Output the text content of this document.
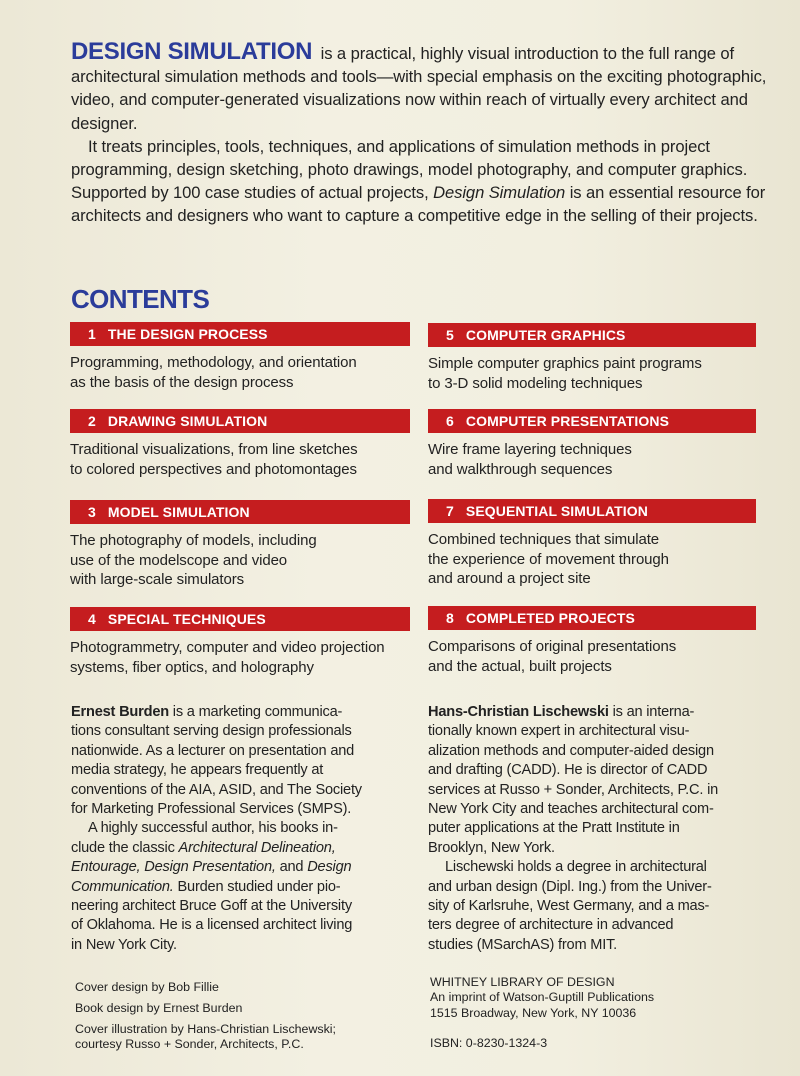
DESIGN SIMULATION is a practical, highly visual introduction to the full range of architectural simulation methods and tools—with special emphasis on the exciting photographic, video, and computer-generated visualizations now within reach of virtually every architect and designer.

It treats principles, tools, techniques, and applications of simulation methods in project programming, design sketching, photo drawings, model photography, and computer graphics. Supported by 100 case studies of actual projects, Design Simulation is an essential resource for architects and designers who want to capture a competitive edge in the selling of their projects.

CONTENTS
1 THE DESIGN PROCESS
Programming, methodology, and orientation
as the basis of the design process
2 DRAWING SIMULATION
Traditional visualizations, from line sketches
to colored perspectives and photomontages
3 MODEL SIMULATION
The photography of models, including
use of the modelscope and video
with large-scale simulators
4 SPECIAL TECHNIQUES
Photogrammetry, computer and video projection
systems, fiber optics, and holography
5 COMPUTER GRAPHICS
Simple computer graphics paint programs
to 3-D solid modeling techniques
6 COMPUTER PRESENTATIONS
Wire frame layering techniques
and walkthrough sequences
7 SEQUENTIAL SIMULATION
Combined techniques that simulate
the experience of movement through
and around a project site
8 COMPLETED PROJECTS
Comparisons of original presentations
and the actual, built projects

Ernest Burden is a marketing communica-
tions consultant serving design professionals
nationwide. As a lecturer on presentation and
media strategy, he appears frequently at
conventions of the AIA, ASID, and The Society
for Marketing Professional Services (SMPS).

A highly successful author, his books in-
clude the classic Architectural Delineation,
Entourage, Design Presentation, and Design
Communication. Burden studied under pio-
neering architect Bruce Goff at the University
of Oklahoma. He is a licensed architect living
in New York City.

Hans-Christian Lischewski is an interna-
tionally known expert in architectural visu-
alization methods and computer-aided design
and drafting (CADD). He is director of CADD
services at Russo + Sonder, Architects, P.C. in
New York City and teaches architectural com-
puter applications at the Pratt Institute in
Brooklyn, New York.

Lischewski holds a degree in architectural
and urban design (Dipl. Ing.) from the Univer-
sity of Karlsruhe, West Germany, and a mas-
ters degree of architecture in advanced
studies (MSarchAS) from MIT.

Cover design by Bob Fillie

Book design by Ernest Burden

Cover illustration by Hans-Christian Lischewski;
courtesy Russo + Sonder, Architects, P.C.

WHITNEY LIBRARY OF DESIGN

An imprint of Watson-Guptill Publications

1515 Broadway, New York, NY 10036

ISBN: 0-8230-1324-3
